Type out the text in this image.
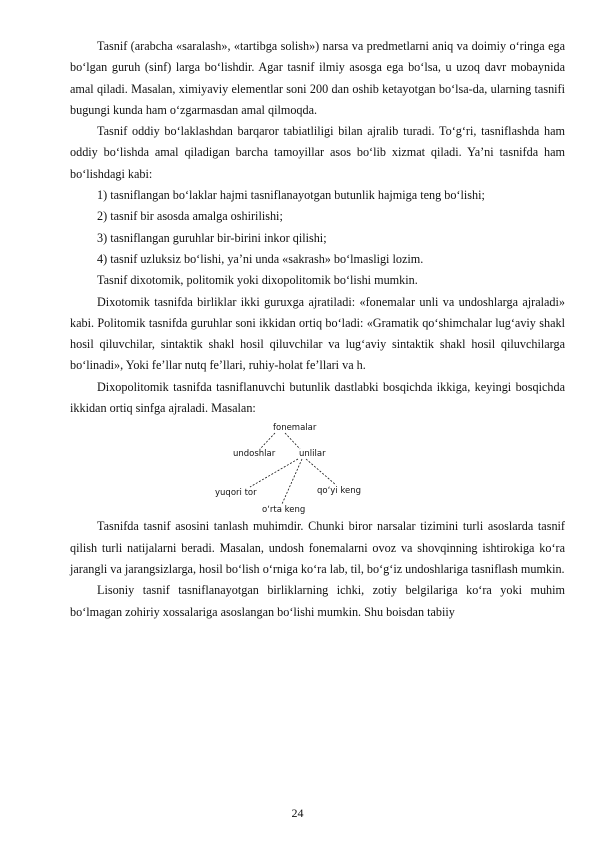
Tasnif (arabcha «saralash», «tartibga solish») narsa va predmetlarni aniq va doimiy o‘ringa ega bo‘lgan guruh (sinf) larga bo‘lishdir. Agar tasnif ilmiy asosga ega bo‘lsa, u uzoq davr mobaynida amal qiladi. Masalan, ximiyaviy elementlar soni 200 dan oshib ketayotgan bo‘lsa-da, ularning tasnifi bugungi kunda ham o‘zgarmasdan amal qilmoqda.

Tasnif oddiy bo‘laklashdan barqaror tabiatliligi bilan ajralib turadi. To‘g‘ri, tasniflashda ham oddiy bo‘lishda amal qiladigan barcha tamoyillar asos bo‘lib xizmat qiladi. Ya’ni tasnifda ham bo‘lishdagi kabi:

1) tasniflangan bo‘laklar hajmi tasniflanayotgan butunlik hajmiga teng bo‘lishi;

2) tasnif bir asosda amalga oshirilishi;

3) tasniflangan guruhlar bir-birini inkor qilishi;

4) tasnif uzluksiz bo‘lishi, ya’ni unda «sakrash» bo‘lmasligi lozim.

Tasnif dixotomik, politomik yoki dixopolitomik bo‘lishi mumkin.

Dixotomik tasnifda birliklar ikki guruxga ajratiladi: «fonemalar unli va undoshlarga ajraladi» kabi. Politomik tasnifda guruhlar soni ikkidan ortiq bo‘ladi: «Gramatik qo‘shimchalar lug‘aviy shakl hosil qiluvchilar, sintaktik shakl hosil qiluvchilar va lug‘aviy sintaktik shakl hosil qiluvchilarga bo‘linadi», Yoki fe’llar nutq fe’llari, ruhiy-holat fe’llari va h.

Dixopolitomik tasnifda tasniflanuvchi butunlik dastlabki bosqichda ikkiga, keyingi bosqichda ikkidan ortiq sinfga ajraladi. Masalan:

fonemalar
undoshlar	unlilar
yuqori tor	qo‘yi keng
o‘rta keng

Tasnifda tasnif asosini tanlash muhimdir. Chunki biror narsalar tizimini turli asoslarda tasnif qilish turli natijalarni beradi. Masalan, undosh fonemalarni ovoz va shovqinning ishtirokiga ko‘ra jarangli va jarangsizlarga, hosil bo‘lish o‘rniga ko‘ra lab, til, bo‘g‘iz undoshlariga tasniflash mumkin.

Lisoniy tasnif tasniflanayotgan birliklarning ichki, zotiy belgilariga ko‘ra yoki muhim bo‘lmagan zohiriy xossalariga asoslangan bo‘lishi mumkin. Shu boisdan tabiiy

24
